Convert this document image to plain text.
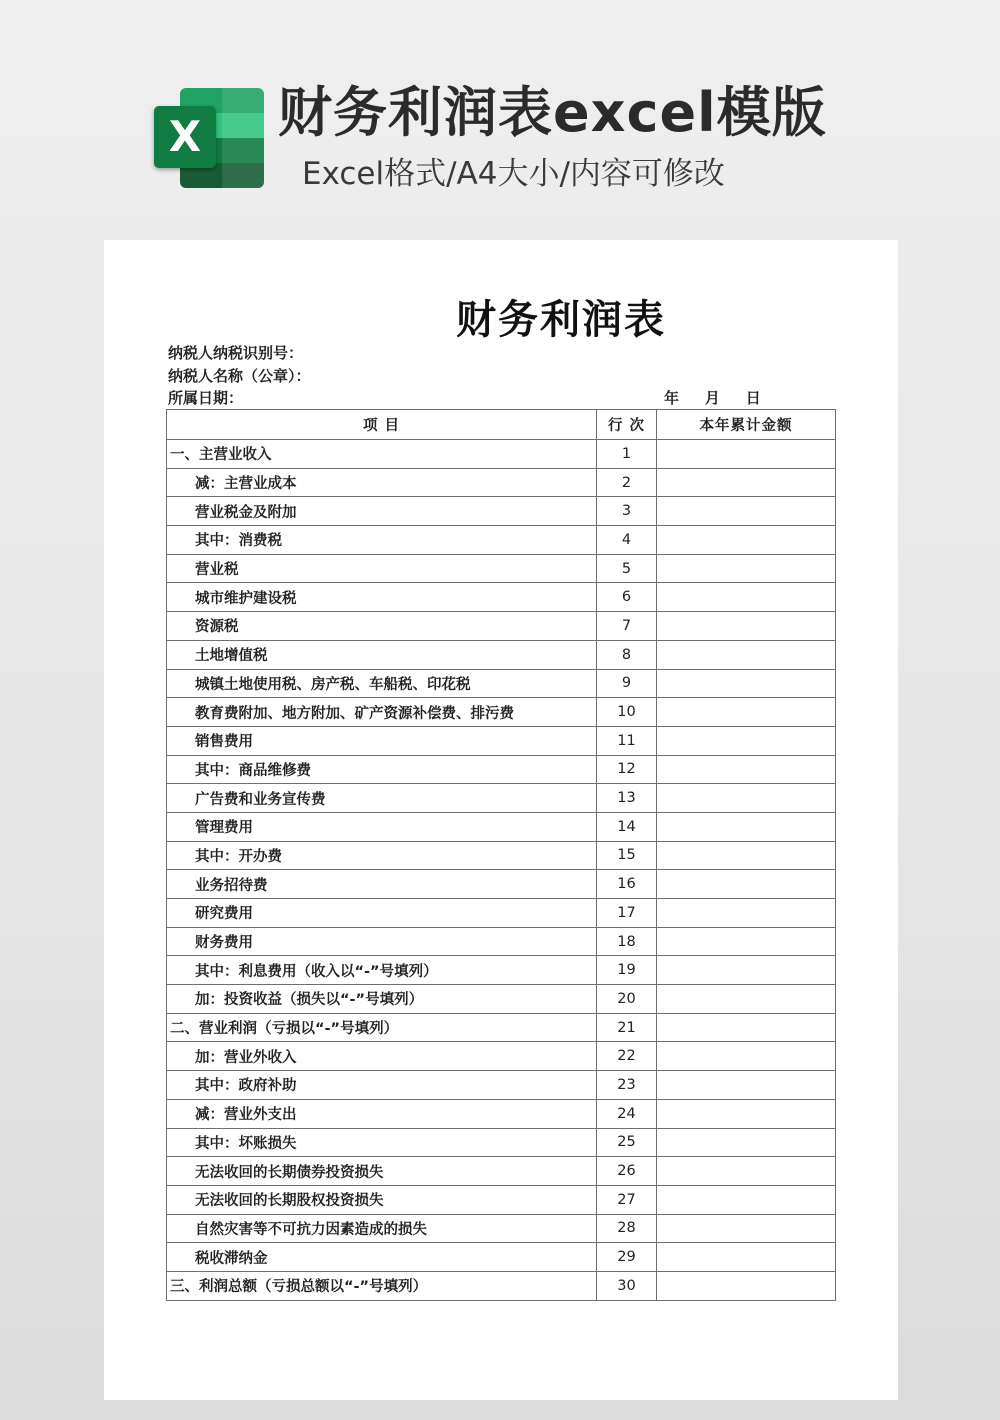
X 财务利润表excel模版
Excel格式/A4大小/内容可修改
财务利润表
纳税人纳税识别号：
纳税人名称（公章）：
所属日期：	年    月    日
项 目	行 次	本年累计金额
一、主营业收入	1	
减：主营业成本	2	
营业税金及附加	3	
其中：消费税	4	
营业税	5	
城市维护建设税	6	
资源税	7	
土地增值税	8	
城镇土地使用税、房产税、车船税、印花税	9	
教育费附加、地方附加、矿产资源补偿费、排污费	10	
销售费用	11	
其中：商品维修费	12	
广告费和业务宣传费	13	
管理费用	14	
其中：开办费	15	
业务招待费	16	
研究费用	17	
财务费用	18	
其中：利息费用（收入以“-”号填列）	19	
加：投资收益（损失以“-”号填列）	20	
二、营业利润（亏损以“-”号填列）	21	
加：营业外收入	22	
其中：政府补助	23	
减：营业外支出	24	
其中：坏账损失	25	
无法收回的长期债券投资损失	26	
无法收回的长期股权投资损失	27	
自然灾害等不可抗力因素造成的损失	28	
税收滞纳金	29	
三、利润总额（亏损总额以“-”号填列）	30	
